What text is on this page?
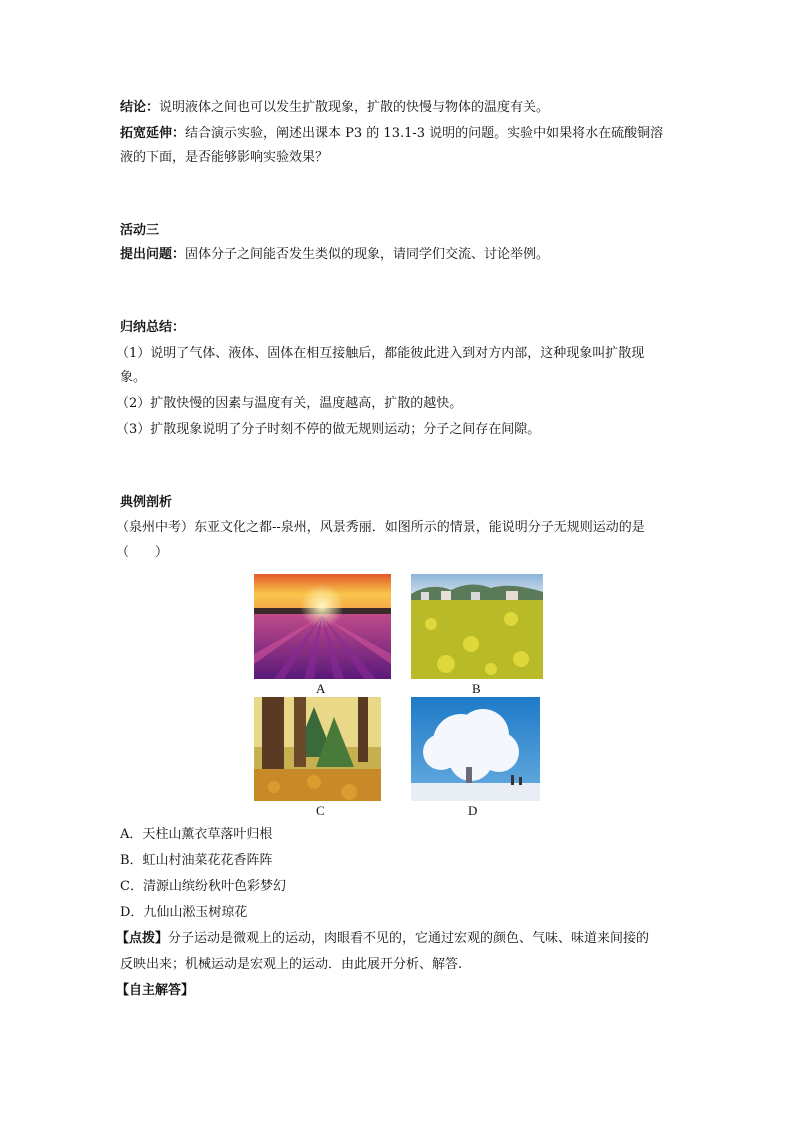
结论：说明液体之间也可以发生扩散现象，扩散的快慢与物体的温度有关。
拓宽延伸：结合演示实验，阐述出课本 P3 的 13.1-3 说明的问题。实验中如果将水在硫酸铜溶
液的下面，是否能够影响实验效果？
活动三
提出问题：固体分子之间能否发生类似的现象，请同学们交流、讨论举例。
归纳总结：
（1）说明了气体、液体、固体在相互接触后，都能彼此进入到对方内部，这种现象叫扩散现
象。
（2）扩散快慢的因素与温度有关，温度越高，扩散的越快。
（3）扩散现象说明了分子时刻不停的做无规则运动；分子之间存在间隙。
典例剖析
（泉州中考）东亚文化之都--泉州，风景秀丽．如图所示的情景，能说明分子无规则运动的是
（　　）
A	B
C	D
A．天柱山薰衣草落叶归根
B．虹山村油菜花花香阵阵
C．清源山缤纷秋叶色彩梦幻
D．九仙山淞玉树琼花
【点拨】分子运动是微观上的运动，肉眼看不见的，它通过宏观的颜色、气味、味道来间接的
反映出来；机械运动是宏观上的运动．由此展开分析、解答.
【自主解答】
